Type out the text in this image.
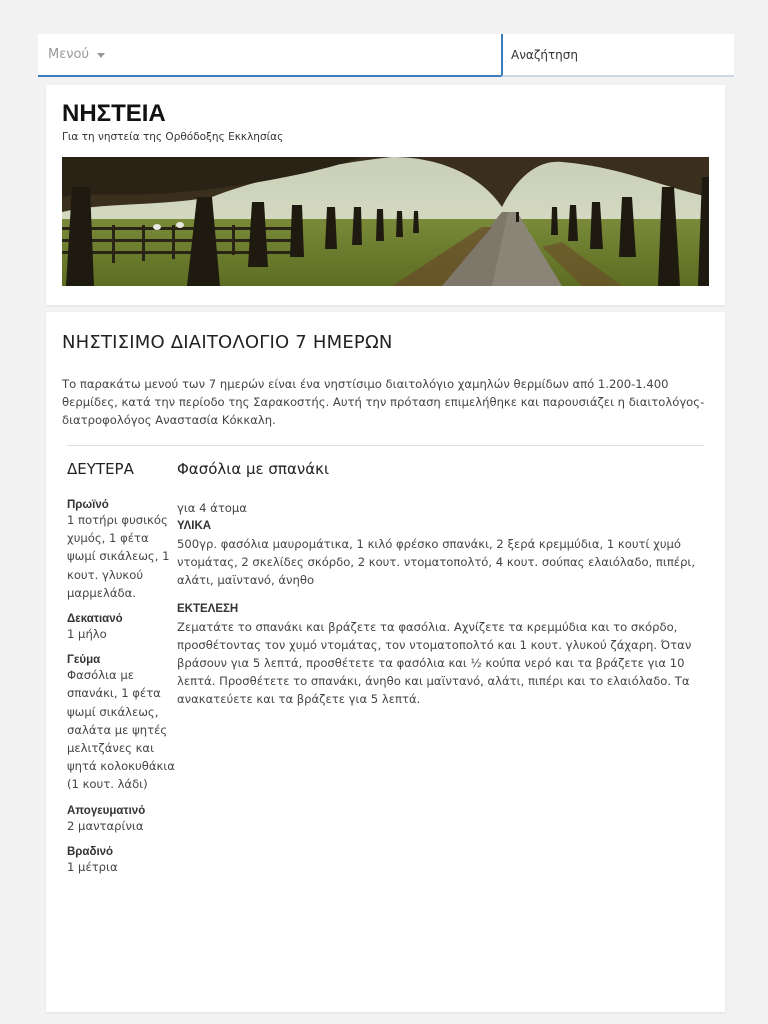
Μενού
Αναζήτηση
ΝΗΣΤΕΙΑ
Για τη νηστεία της Ορθόδοξης Εκκλησίας
ΝΗΣΤΙΣΙΜΟ ΔΙΑΙΤΟΛΟΓΙΟ 7 ΗΜΕΡΩΝ

Το παρακάτω μενού των 7 ημερών είναι ένα νηστίσιμο διαιτολόγιο χαμηλών θερμίδων από 1.200-1.400 θερμίδες, κατά την περίοδο της Σαρακοστής. Αυτή την πρόταση επιμελήθηκε και παρουσιάζει η διαιτολόγος-διατροφολόγος Αναστασία Κόκκαλη.

ΔΕΥΤΕΡΑ
Πρωϊνό
1 ποτήρι φυσικός χυμός, 1 φέτα ψωμί σικάλεως, 1 κουτ. γλυκού μαρμελάδα.
Δεκατιανό
1 μήλο
Γεύμα
Φασόλια με σπανάκι, 1 φέτα ψωμί σικάλεως, σαλάτα με ψητές μελιτζάνες και ψητά κολοκυθάκια (1 κουτ. λάδι)
Απογευματινό
2 μανταρίνια
Βραδινό
1 μέτρια
Φασόλια με σπανάκι
για 4 άτομα
ΥΛΙΚΑ
500γρ. φασόλια μαυρομάτικα, 1 κιλό φρέσκο σπανάκι, 2 ξερά κρεμμύδια, 1 κουτί χυμό ντομάτας, 2 σκελίδες σκόρδο, 2 κουτ. ντοματοπολτό, 4 κουτ. σούπας ελαιόλαδο, πιπέρι, αλάτι, μαϊντανό, άνηθο
ΕΚΤΕΛΕΣΗ
Ζεματάτε το σπανάκι και βράζετε τα φασόλια. Αχνίζετε τα κρεμμύδια και το σκόρδο, προσθέτοντας τον χυμό ντομάτας, τον ντοματοπολτό και 1 κουτ. γλυκού ζάχαρη. Όταν βράσουν για 5 λεπτά, προσθέτετε τα φασόλια και ½ κούπα νερό και τα βράζετε για 10 λεπτά. Προσθέτετε το σπανάκι, άνηθο και μαϊντανό, αλάτι, πιπέρι και το ελαιόλαδο. Τα ανακατεύετε και τα βράζετε για 5 λεπτά.
